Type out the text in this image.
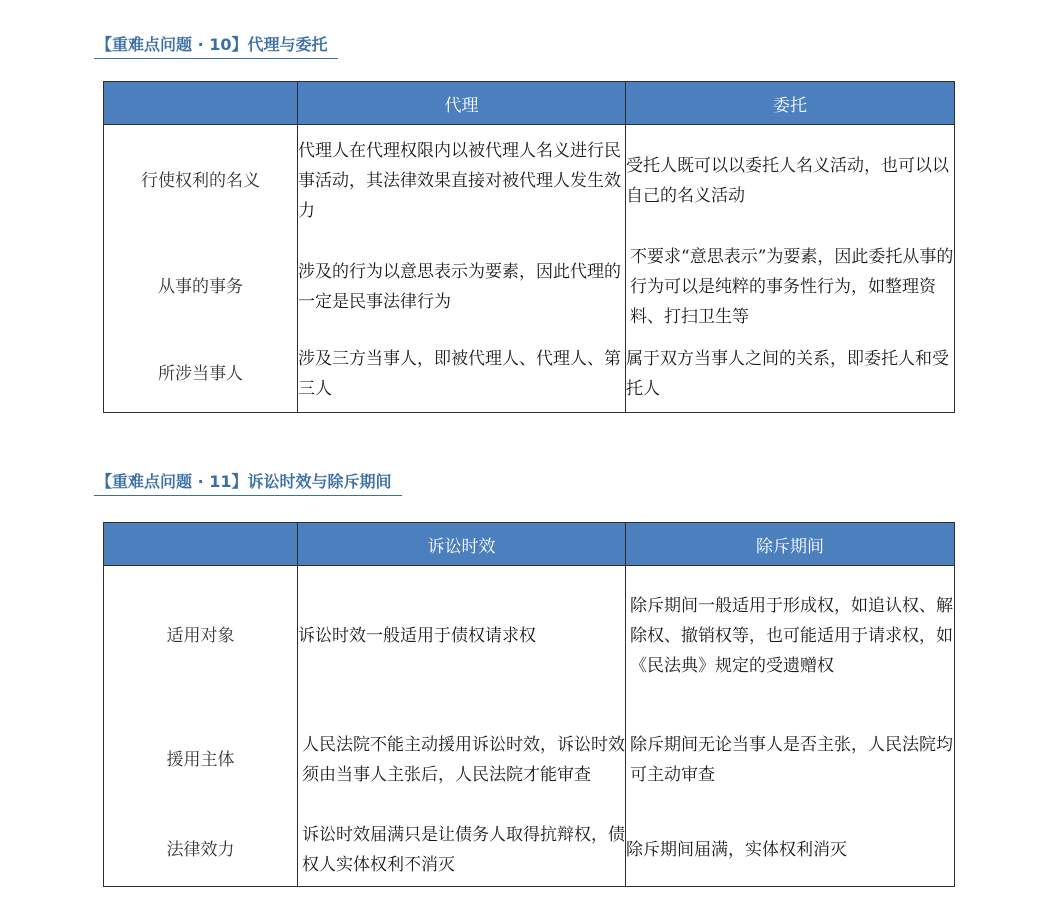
【重难点问题 · 10】代理与委托
	代理	委托
行使权利的名义	代理人在代理权限内以被代理人名义进行民事活动，其法律效果直接对被代理人发生效力	受托人既可以以委托人名义活动，也可以以自己的名义活动
从事的事务	涉及的行为以意思表示为要素，因此代理的一定是民事法律行为	不要求“意思表示”为要素，因此委托从事的行为可以是纯粹的事务性行为，如整理资料、打扫卫生等
所涉当事人	涉及三方当事人，即被代理人、代理人、第三人	属于双方当事人之间的关系，即委托人和受托人
【重难点问题 · 11】诉讼时效与除斥期间
	诉讼时效	除斥期间
适用对象	诉讼时效一般适用于债权请求权	除斥期间一般适用于形成权，如追认权、解除权、撤销权等，也可能适用于请求权，如《民法典》规定的受遗赠权
援用主体	人民法院不能主动援用诉讼时效，诉讼时效须由当事人主张后，人民法院才能审查	除斥期间无论当事人是否主张，人民法院均可主动审查
法律效力	诉讼时效届满只是让债务人取得抗辩权，债权人实体权利不消灭	除斥期间届满，实体权利消灭
